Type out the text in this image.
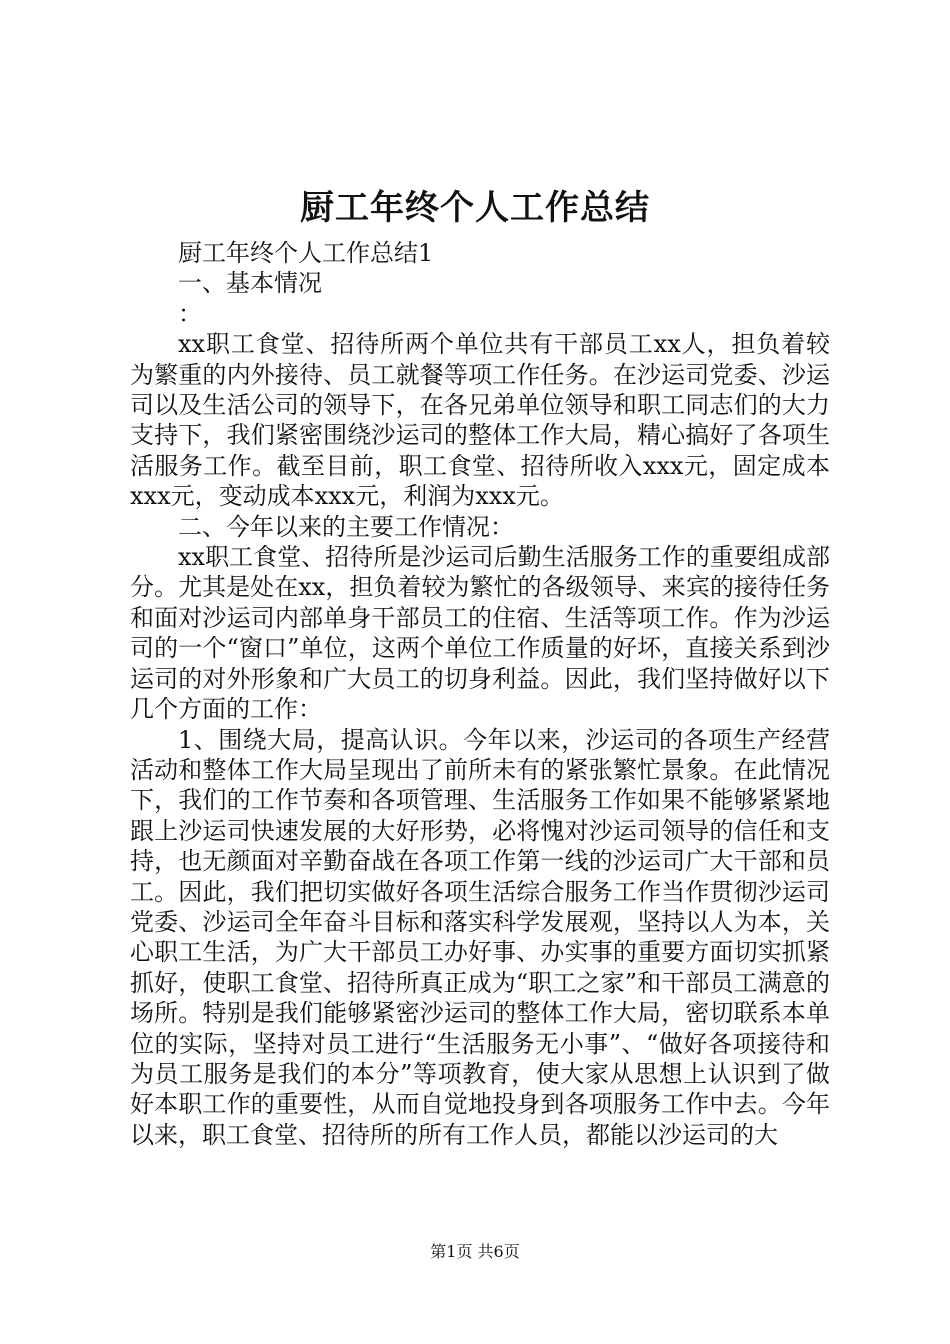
厨工年终个人工作总结

厨工年终个人工作总结1

一、基本情况

：

xx职工食堂、招待所两个单位共有干部员工xx人，担负着较为繁重的内外接待、员工就餐等项工作任务。在沙运司党委、沙运司以及生活公司的领导下，在各兄弟单位领导和职工同志们的大力支持下，我们紧密围绕沙运司的整体工作大局，精心搞好了各项生活服务工作。截至目前，职工食堂、招待所收入xxx元，固定成本xxx元，变动成本xxx元，利润为xxx元。

二、今年以来的主要工作情况：

xx职工食堂、招待所是沙运司后勤生活服务工作的重要组成部分。尤其是处在xx，担负着较为繁忙的各级领导、来宾的接待任务和面对沙运司内部单身干部员工的住宿、生活等项工作。作为沙运司的一个“窗口”单位，这两个单位工作质量的好坏，直接关系到沙运司的对外形象和广大员工的切身利益。因此，我们坚持做好以下几个方面的工作：

1、围绕大局，提高认识。今年以来，沙运司的各项生产经营活动和整体工作大局呈现出了前所未有的紧张繁忙景象。在此情况下，我们的工作节奏和各项管理、生活服务工作如果不能够紧紧地跟上沙运司快速发展的大好形势，必将愧对沙运司领导的信任和支持，也无颜面对辛勤奋战在各项工作第一线的沙运司广大干部和员工。因此，我们把切实做好各项生活综合服务工作当作贯彻沙运司党委、沙运司全年奋斗目标和落实科学发展观，坚持以人为本，关心职工生活，为广大干部员工办好事、办实事的重要方面切实抓紧抓好，使职工食堂、招待所真正成为“职工之家”和干部员工满意的场所。特别是我们能够紧密沙运司的整体工作大局，密切联系本单位的实际，坚持对员工进行“生活服务无小事”、“做好各项接待和为员工服务是我们的本分”等项教育，使大家从思想上认识到了做好本职工作的重要性，从而自觉地投身到各项服务工作中去。今年以来，职工食堂、招待所的所有工作人员，都能以沙运司的大

第1页 共6页
